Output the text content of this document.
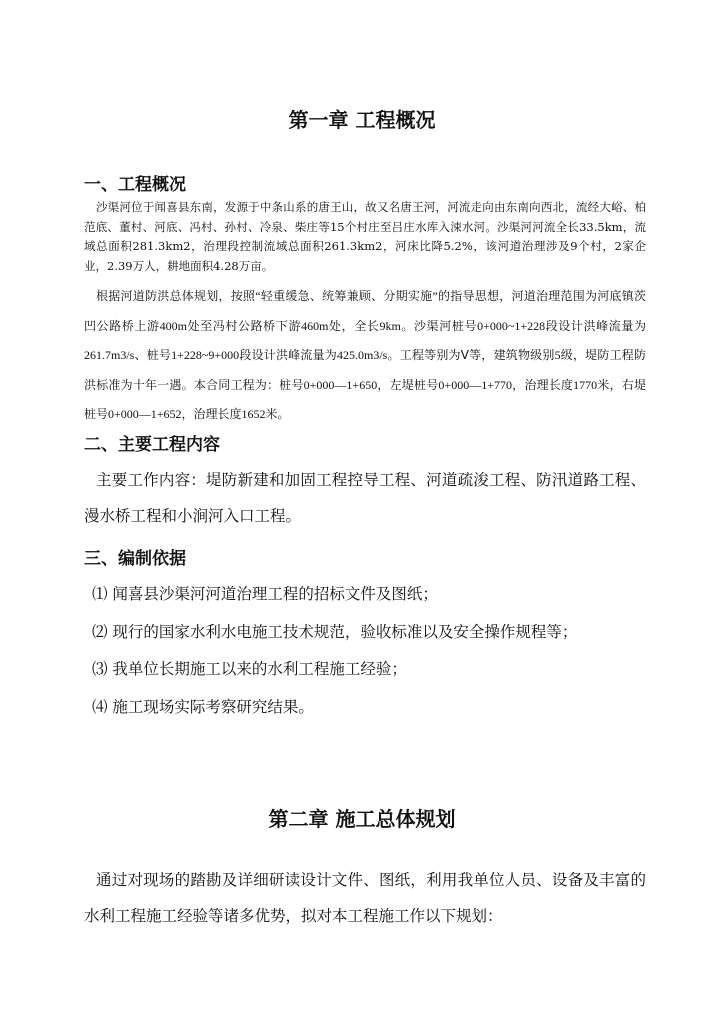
第一章 工程概况
一、工程概况

沙渠河位于闻喜县东南，发源于中条山系的唐王山，故又名唐王河，河流走向由东南向西北，流经大峪、柏范底、董村、河底、冯村、孙村、冷泉、柴庄等15个村庄至吕庄水库入涑水河。沙渠河河流全长33.5km，流域总面积281.3km2，治理段控制流域总面积261.3km2，河床比降5.2%，该河道治理涉及9个村，2家企业，2.39万人，耕地面积4.28万亩。

根据河道防洪总体规划，按照“轻重缓急、统筹兼顾、分期实施”的指导思想，河道治理范围为河底镇茨凹公路桥上游400m处至冯村公路桥下游460m处，全长9km。沙渠河桩号0+000~1+228段设计洪峰流量为261.7m3/s、桩号1+228~9+000段设计洪峰流量为425.0m3/s。工程等别为Ⅴ等，建筑物级别5级，堤防工程防洪标准为十年一遇。本合同工程为：桩号0+000—1+650，左堤桩号0+000—1+770，治理长度1770米，右堤桩号0+000—1+652，治理长度1652米。

二、主要工程内容

主要工作内容：堤防新建和加固工程控导工程、河道疏浚工程、防汛道路工程、漫水桥工程和小涧河入口工程。

三、编制依据

⑴ 闻喜县沙渠河河道治理工程的招标文件及图纸；

⑵ 现行的国家水利水电施工技术规范，验收标准以及安全操作规程等；

⑶ 我单位长期施工以来的水利工程施工经验；

⑷ 施工现场实际考察研究结果。

第二章 施工总体规划

通过对现场的踏勘及详细研读设计文件、图纸，利用我单位人员、设备及丰富的水利工程施工经验等诸多优势，拟对本工程施工作以下规划：
